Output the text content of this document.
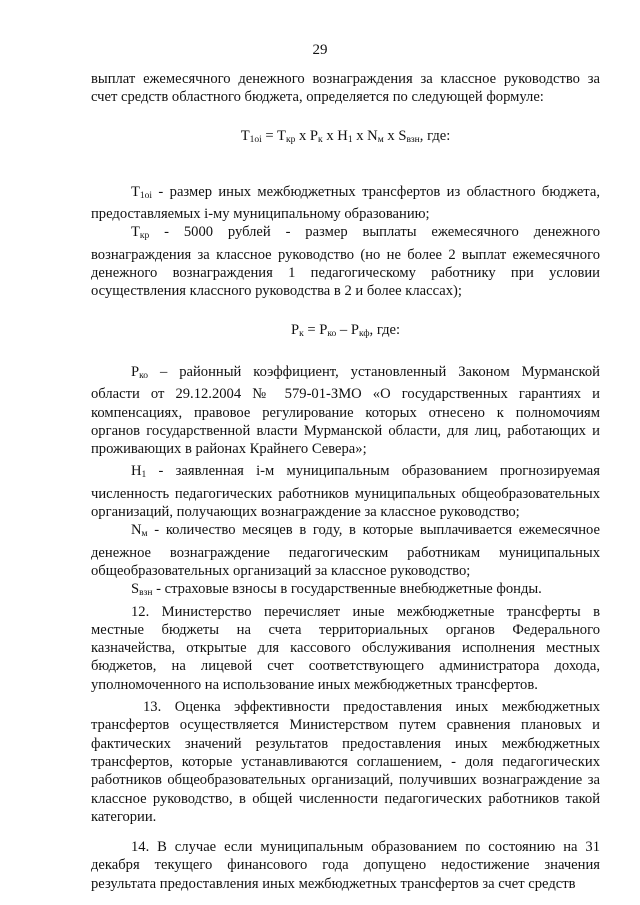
29

выплат ежемесячного денежного вознаграждения за классное руководство за счет средств областного бюджета, определяется по следующей формуле:

$T_{1oi} = T_{кр}$ x $P_к$ x $H_1$ x $N_м$ x $S_{взн}$, где:

$T_{1oi}$ - размер иных межбюджетных трансфертов из областного бюджета, предоставляемых i-му муниципальному образованию;

$T_{кр} - 5000$ рублей - размер выплаты ежемесячного денежного вознаграждения за классное руководство (но не более 2 выплат ежемесячного денежного вознаграждения 1 педагогическому работнику при условии осуществления классного руководства в 2 и более классах);

$P_к = P_{ко} - P_{кф}$, где:

$P_{ко}$ – районный коэффициент, установленный Законом Мурманской области от 29.12.2004 № 579-01-ЗМО «О государственных гарантиях и компенсациях, правовое регулирование которых отнесено к полномочиям органов государственной власти Мурманской области, для лиц, работающих и проживающих в районах Крайнего Севера»;

$H_1$ - заявленная i-м муниципальным образованием прогнозируемая численность педагогических работников муниципальных общеобразовательных организаций, получающих вознаграждение за классное руководство;

$N_м$ - количество месяцев в году, в которые выплачивается ежемесячное денежное вознаграждение педагогическим работникам муниципальных общеобразовательных организаций за классное руководство;

$S_{взн}$ - страховые взносы в государственные внебюджетные фонды.

12. Министерство перечисляет иные межбюджетные трансферты в местные бюджеты на счета территориальных органов Федерального казначейства, открытые для кассового обслуживания исполнения местных бюджетов, на лицевой счет соответствующего администратора дохода, уполномоченного на использование иных межбюджетных трансфертов.

13. Оценка эффективности предоставления иных межбюджетных трансфертов осуществляется Министерством путем сравнения плановых и фактических значений результатов предоставления иных межбюджетных трансфертов, которые устанавливаются соглашением, - доля педагогических работников общеобразовательных организаций, получивших вознаграждение за классное руководство, в общей численности педагогических работников такой категории.

14. В случае если муниципальным образованием по состоянию на 31 декабря текущего финансового года допущено недостижение значения результата предоставления иных межбюджетных трансфертов за счет средств
